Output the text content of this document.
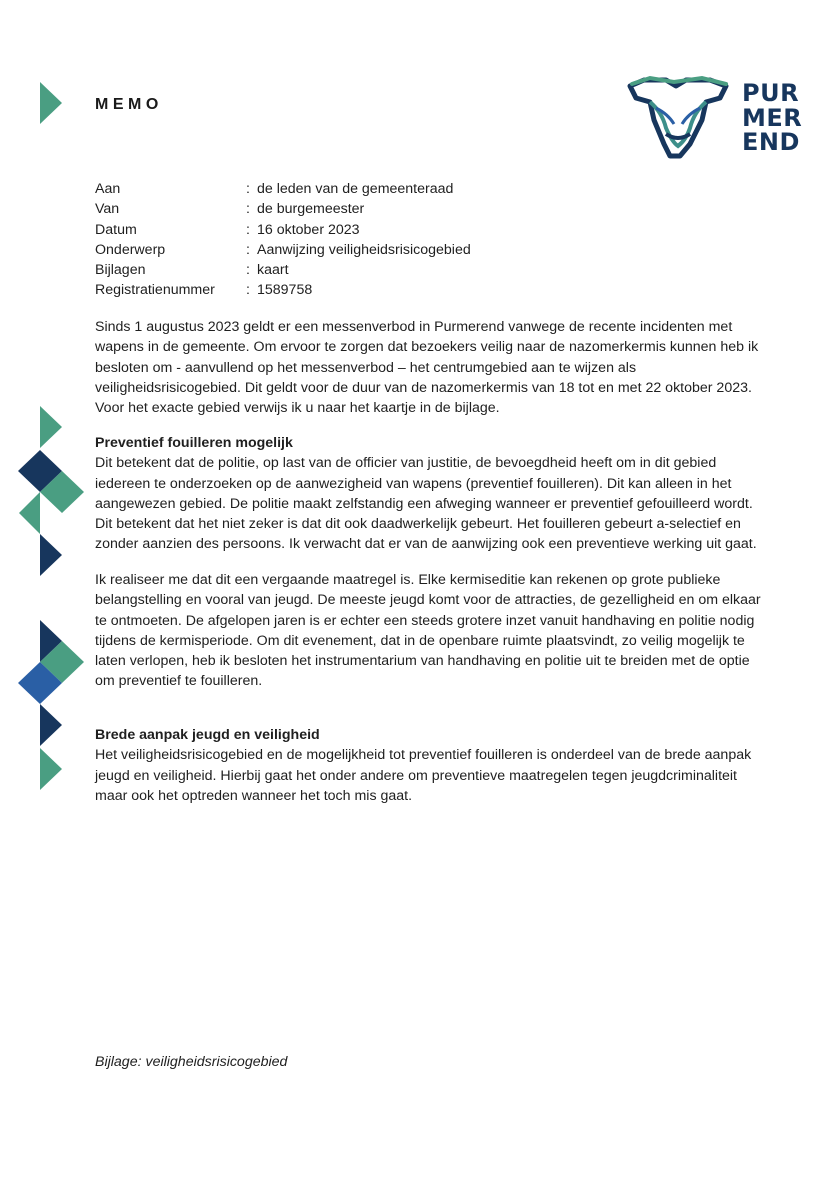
MEMO	PUR
MER
END
Aan	: de leden van de gemeenteraad
Van	: de burgemeester
Datum	: 16 oktober 2023
Onderwerp	: Aanwijzing veiligheidsrisicogebied
Bijlagen	: kaart
Registratienummer	: 1589758

Sinds 1 augustus 2023 geldt er een messenverbod in Purmerend vanwege de recente incidenten met

wapens in de gemeente. Om ervoor te zorgen dat bezoekers veilig naar de nazomerkermis kunnen heb ik

besloten om - aanvullend op het messenverbod – het centrumgebied aan te wijzen als

veiligheidsrisicogebied. Dit geldt voor de duur van de nazomerkermis van 18 tot en met 22 oktober 2023.

Voor het exacte gebied verwijs ik u naar het kaartje in de bijlage.

Preventief fouilleren mogelijk

Dit betekent dat de politie, op last van de officier van justitie, de bevoegdheid heeft om in dit gebied

iedereen te onderzoeken op de aanwezigheid van wapens (preventief fouilleren). Dit kan alleen in het

aangewezen gebied. De politie maakt zelfstandig een afweging wanneer er preventief gefouilleerd wordt.

Dit betekent dat het niet zeker is dat dit ook daadwerkelijk gebeurt. Het fouilleren gebeurt a-selectief en

zonder aanzien des persoons. Ik verwacht dat er van de aanwijzing ook een preventieve werking uit gaat.

Ik realiseer me dat dit een vergaande maatregel is. Elke kermiseditie kan rekenen op grote publieke

belangstelling en vooral van jeugd. De meeste jeugd komt voor de attracties, de gezelligheid en om elkaar

te ontmoeten. De afgelopen jaren is er echter een steeds grotere inzet vanuit handhaving en politie nodig

tijdens de kermisperiode. Om dit evenement, dat in de openbare ruimte plaatsvindt, zo veilig mogelijk te

laten verlopen, heb ik besloten het instrumentarium van handhaving en politie uit te breiden met de optie

om preventief te fouilleren.

Brede aanpak jeugd en veiligheid

Het veiligheidsrisicogebied en de mogelijkheid tot preventief fouilleren is onderdeel van de brede aanpak

jeugd en veiligheid. Hierbij gaat het onder andere om preventieve maatregelen tegen jeugdcriminaliteit

maar ook het optreden wanneer het toch mis gaat.

Bijlage: veiligheidsrisicogebied
